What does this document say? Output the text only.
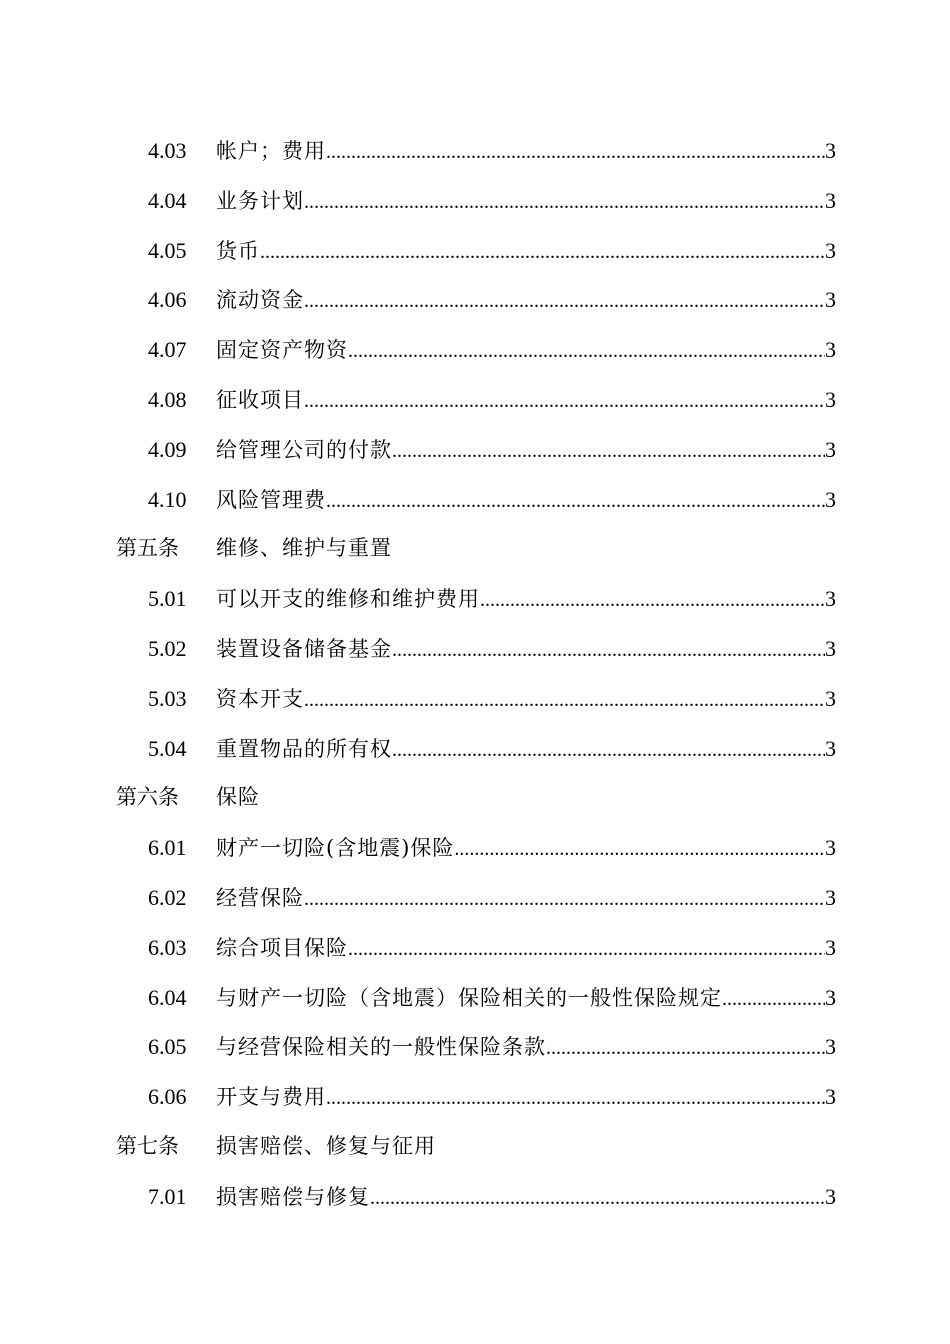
4.03 帐户；费用 .....	3
4.04 业务计划 .....	3
4.05 货币 .....	3
4.06 流动资金 .....	3
4.07 固定资产物资 .....	3
4.08 征收项目 .....	3
4.09 给管理公司的付款 .....	3
4.10 风险管理费 .....	3
第五条 维修、维护与重置
5.01 可以开支的维修和维护费用 .....	3
5.02 装置设备储备基金 .....	3
5.03 资本开支 .....	3
5.04 重置物品的所有权 .....	3
第六条 保险
6.01 财产一切险(含地震)保险 .....	3
6.02 经营保险 .....	3
6.03 综合项目保险 .....	3
6.04 与财产一切险（含地震）保险相关的一般性保险规定 .....	3
6.05 与经营保险相关的一般性保险条款 .....	3
6.06 开支与费用 .....	3
第七条 损害赔偿、修复与征用
7.01 损害赔偿与修复 .....	3
